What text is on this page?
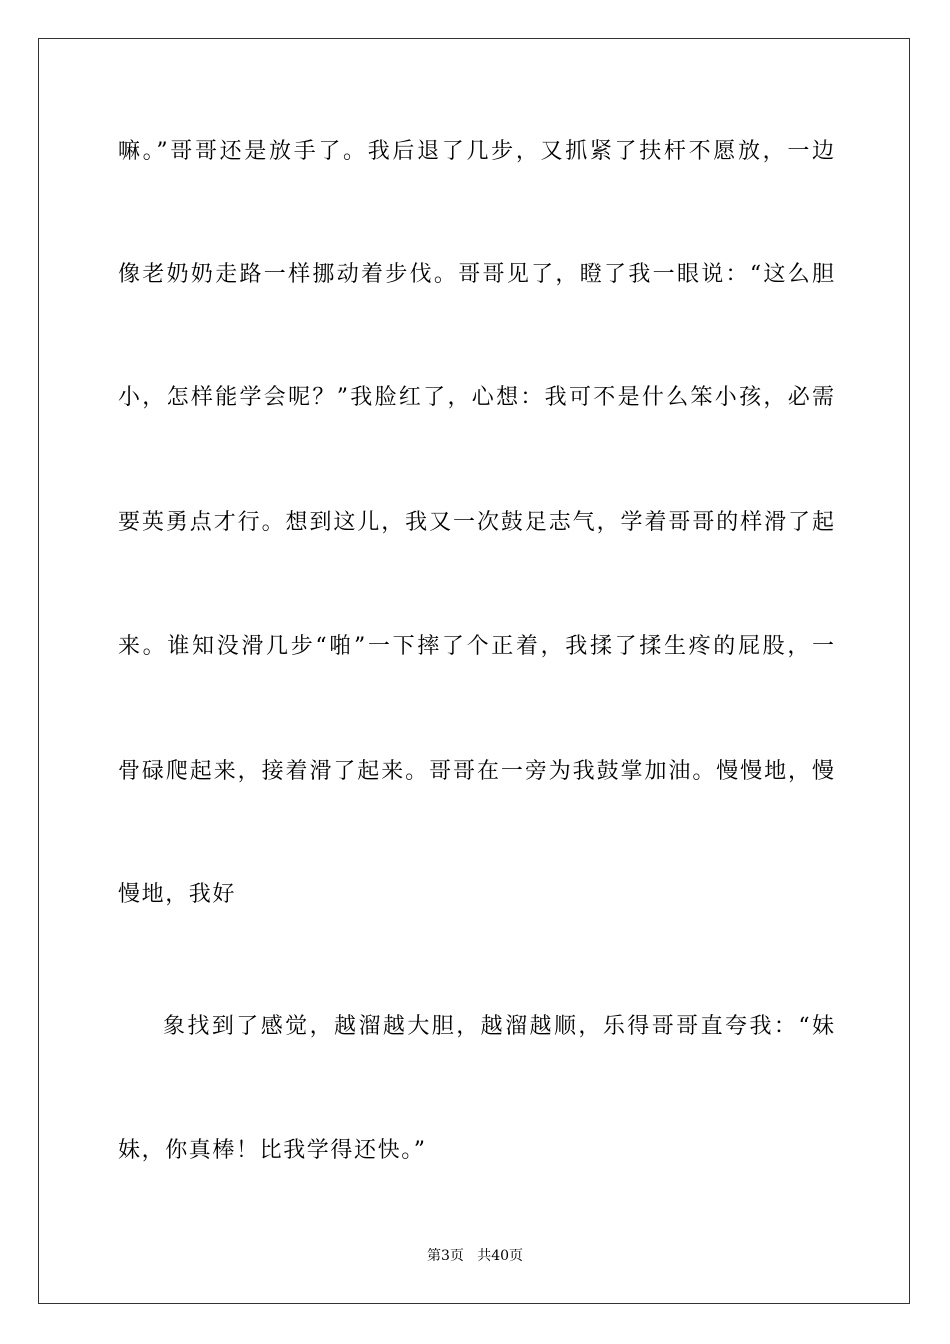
嘛。”哥哥还是放手了。我后退了几步，又抓紧了扶杆不愿放，一边
像老奶奶走路一样挪动着步伐。哥哥见了，瞪了我一眼说：“这么胆
小，怎样能学会呢？”我脸红了，心想：我可不是什么笨小孩，必需
要英勇点才行。想到这儿，我又一次鼓足志气，学着哥哥的样滑了起
来。谁知没滑几步“啪”一下摔了个正着，我揉了揉生疼的屁股，一
骨碌爬起来，接着滑了起来。哥哥在一旁为我鼓掌加油。慢慢地，慢
慢地，我好
象找到了感觉，越溜越大胆，越溜越顺，乐得哥哥直夸我：“妹
妹，你真棒！比我学得还快。”
第3页   共40页
